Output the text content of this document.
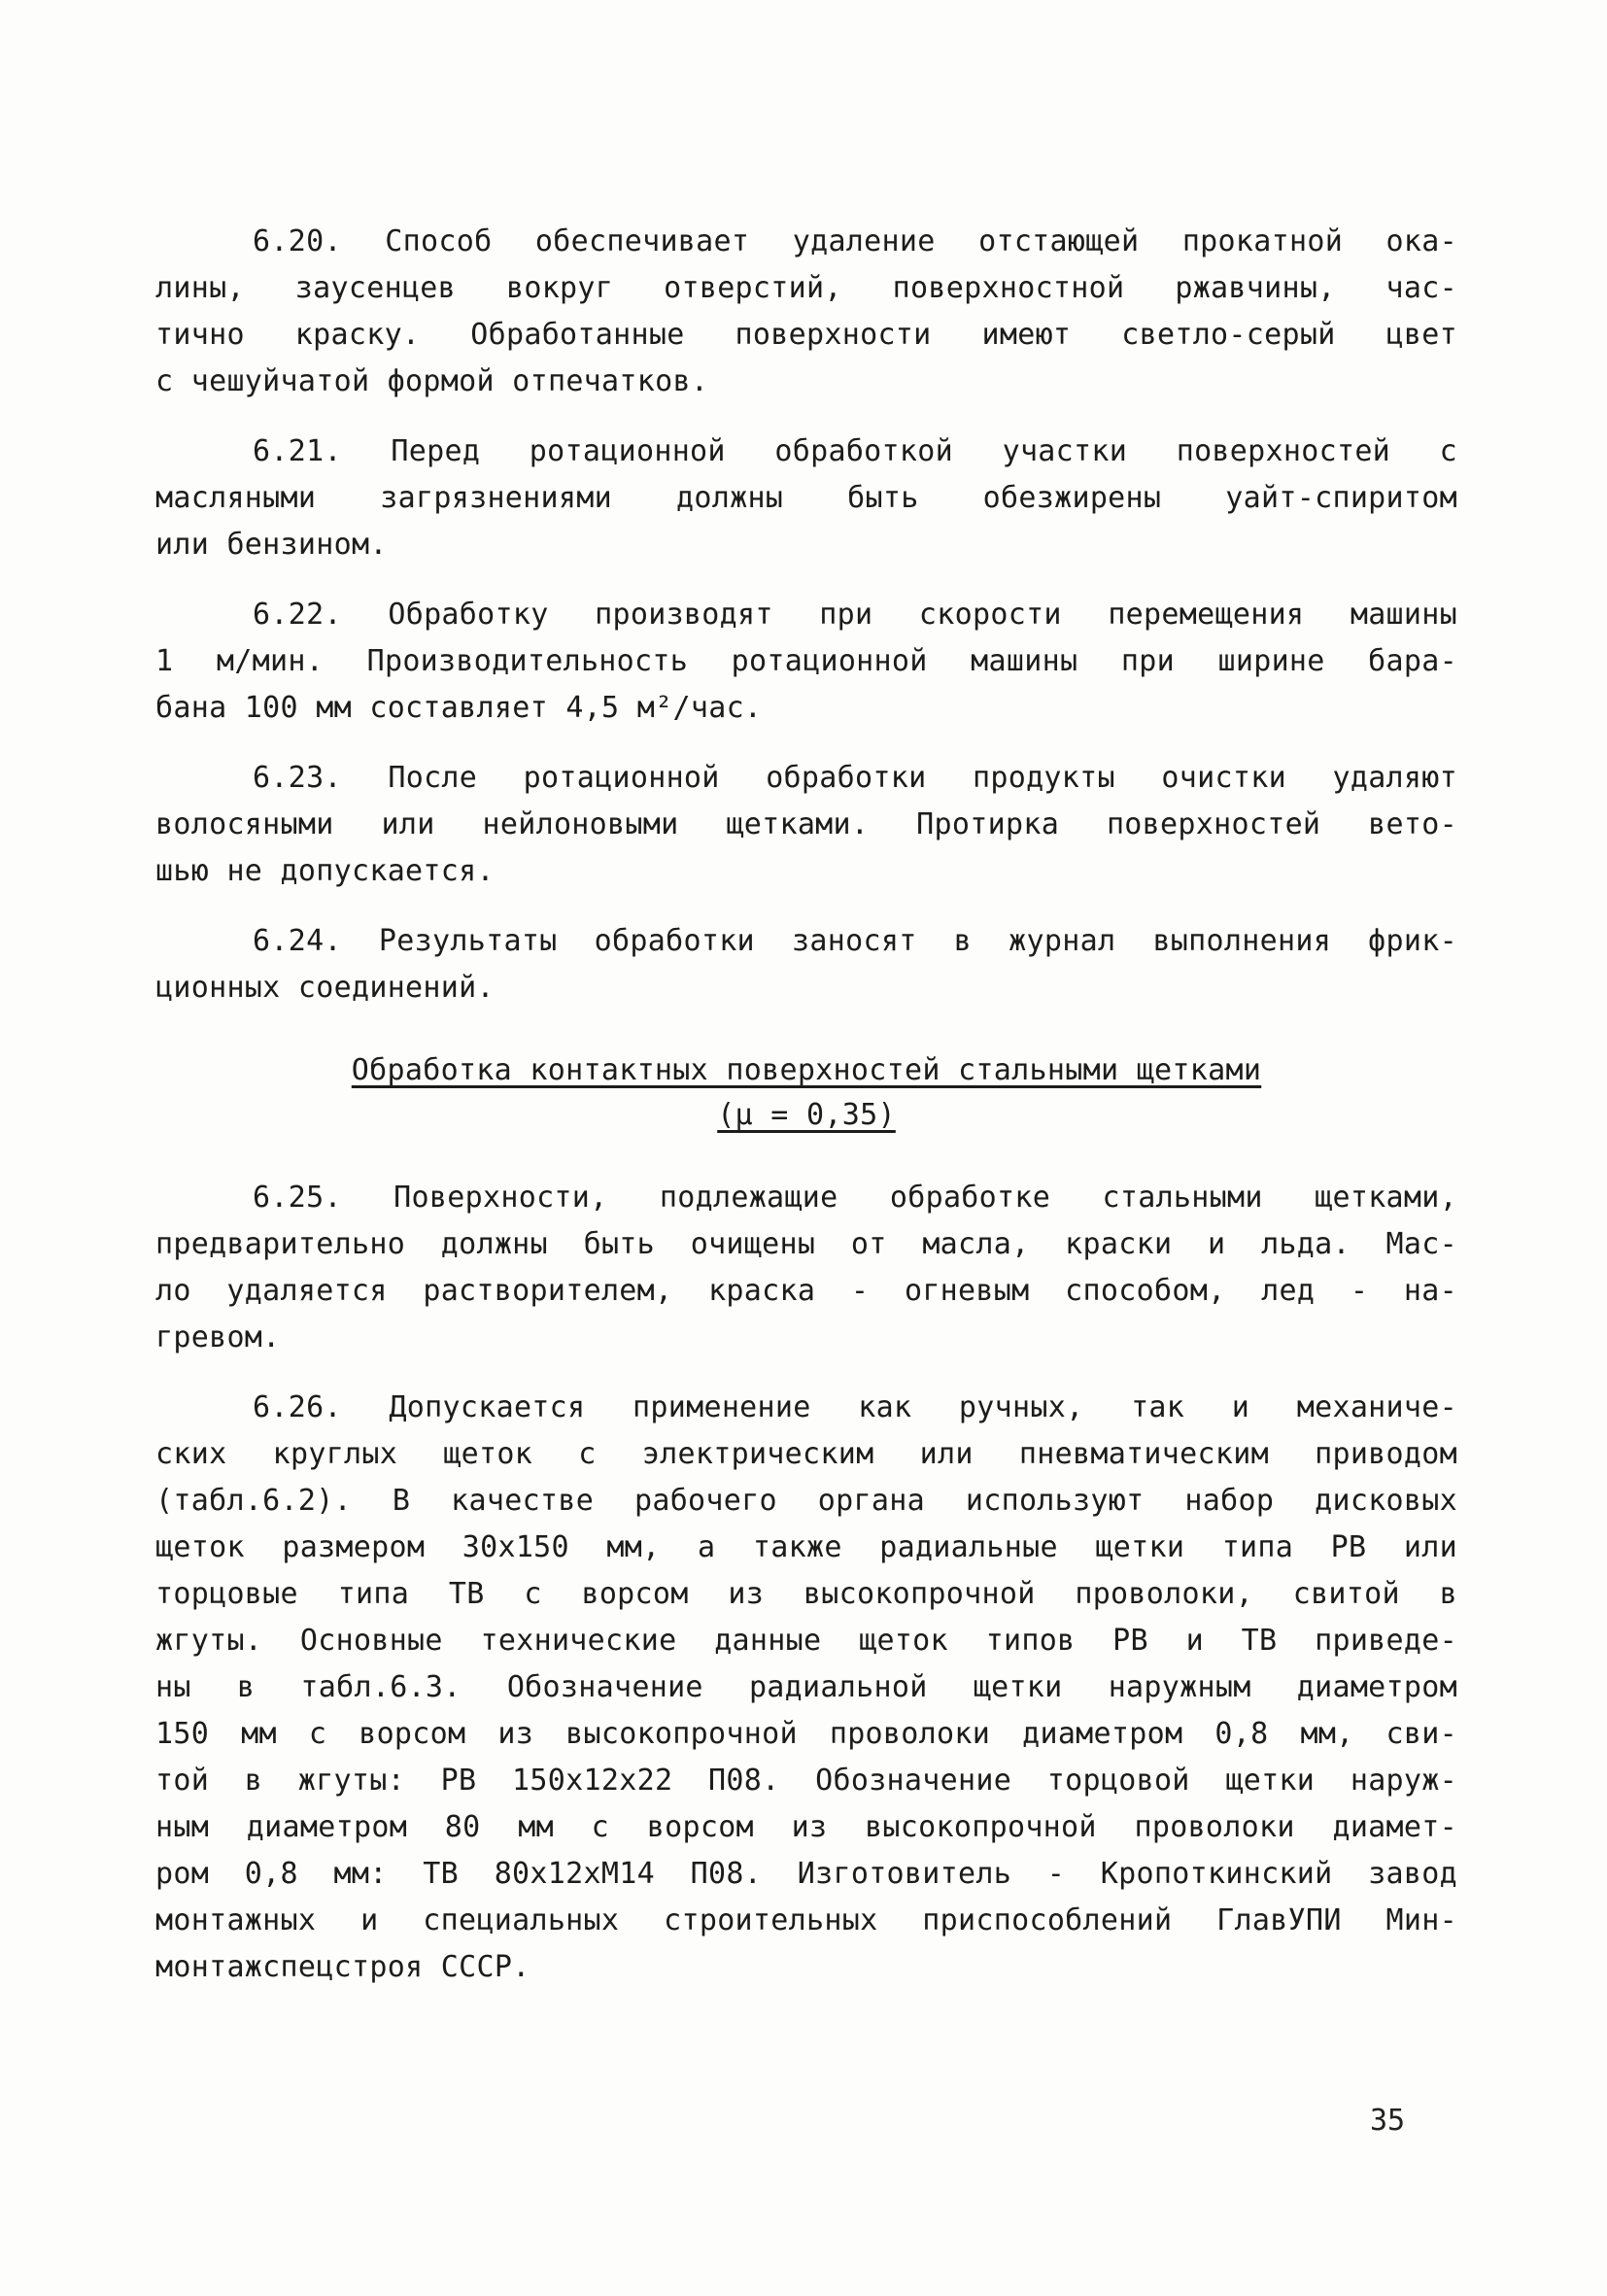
6.20. Способ обеспечивает удаление отстающей прокатной ока-
лины, заусенцев вокруг отверстий, поверхностной ржавчины, час-
тично краску. Обработанные поверхности имеют светло-серый цвет
с чешуйчатой формой отпечатков.
6.21. Перед ротационной обработкой участки поверхностей с
масляными загрязнениями должны быть обезжирены уайт-спиритом
или бензином.
6.22. Обработку производят при скорости перемещения машины
1 м/мин. Производительность ротационной машины при ширине бара-
бана 100 мм составляет 4,5 м²/час.
6.23. После ротационной обработки продукты очистки удаляют
волосяными или нейлоновыми щетками. Протирка поверхностей вето-
шью не допускается.
6.24. Результаты обработки заносят в журнал выполнения фрик-
ционных соединений.
Обработка контактных поверхностей стальными щетками
(μ = 0,35)
6.25. Поверхности, подлежащие обработке стальными щетками,
предварительно должны быть очищены от масла, краски и льда. Мас-
ло удаляется растворителем, краска - огневым способом, лед - на-
гревом.
6.26. Допускается применение как ручных, так и механиче-
ских круглых щеток с электрическим или пневматическим приводом
(табл.6.2). В качестве рабочего органа используют набор дисковых
щеток размером 30х150 мм, а также радиальные щетки типа РВ или
торцовые типа ТВ с ворсом из высокопрочной проволоки, свитой в
жгуты. Основные технические данные щеток типов РВ и ТВ приведе-
ны в табл.6.3. Обозначение радиальной щетки наружным диаметром
150 мм с ворсом из высокопрочной проволоки диаметром 0,8 мм, сви-
той в жгуты: РВ 150х12х22 П08. Обозначение торцовой щетки наруж-
ным диаметром 80 мм с ворсом из высокопрочной проволоки диамет-
ром 0,8 мм: ТВ 80х12хМ14 П08. Изготовитель - Кропоткинский завод
монтажных и специальных строительных приспособлений ГлавУПИ Мин-
монтажспецстроя СССР.
35
